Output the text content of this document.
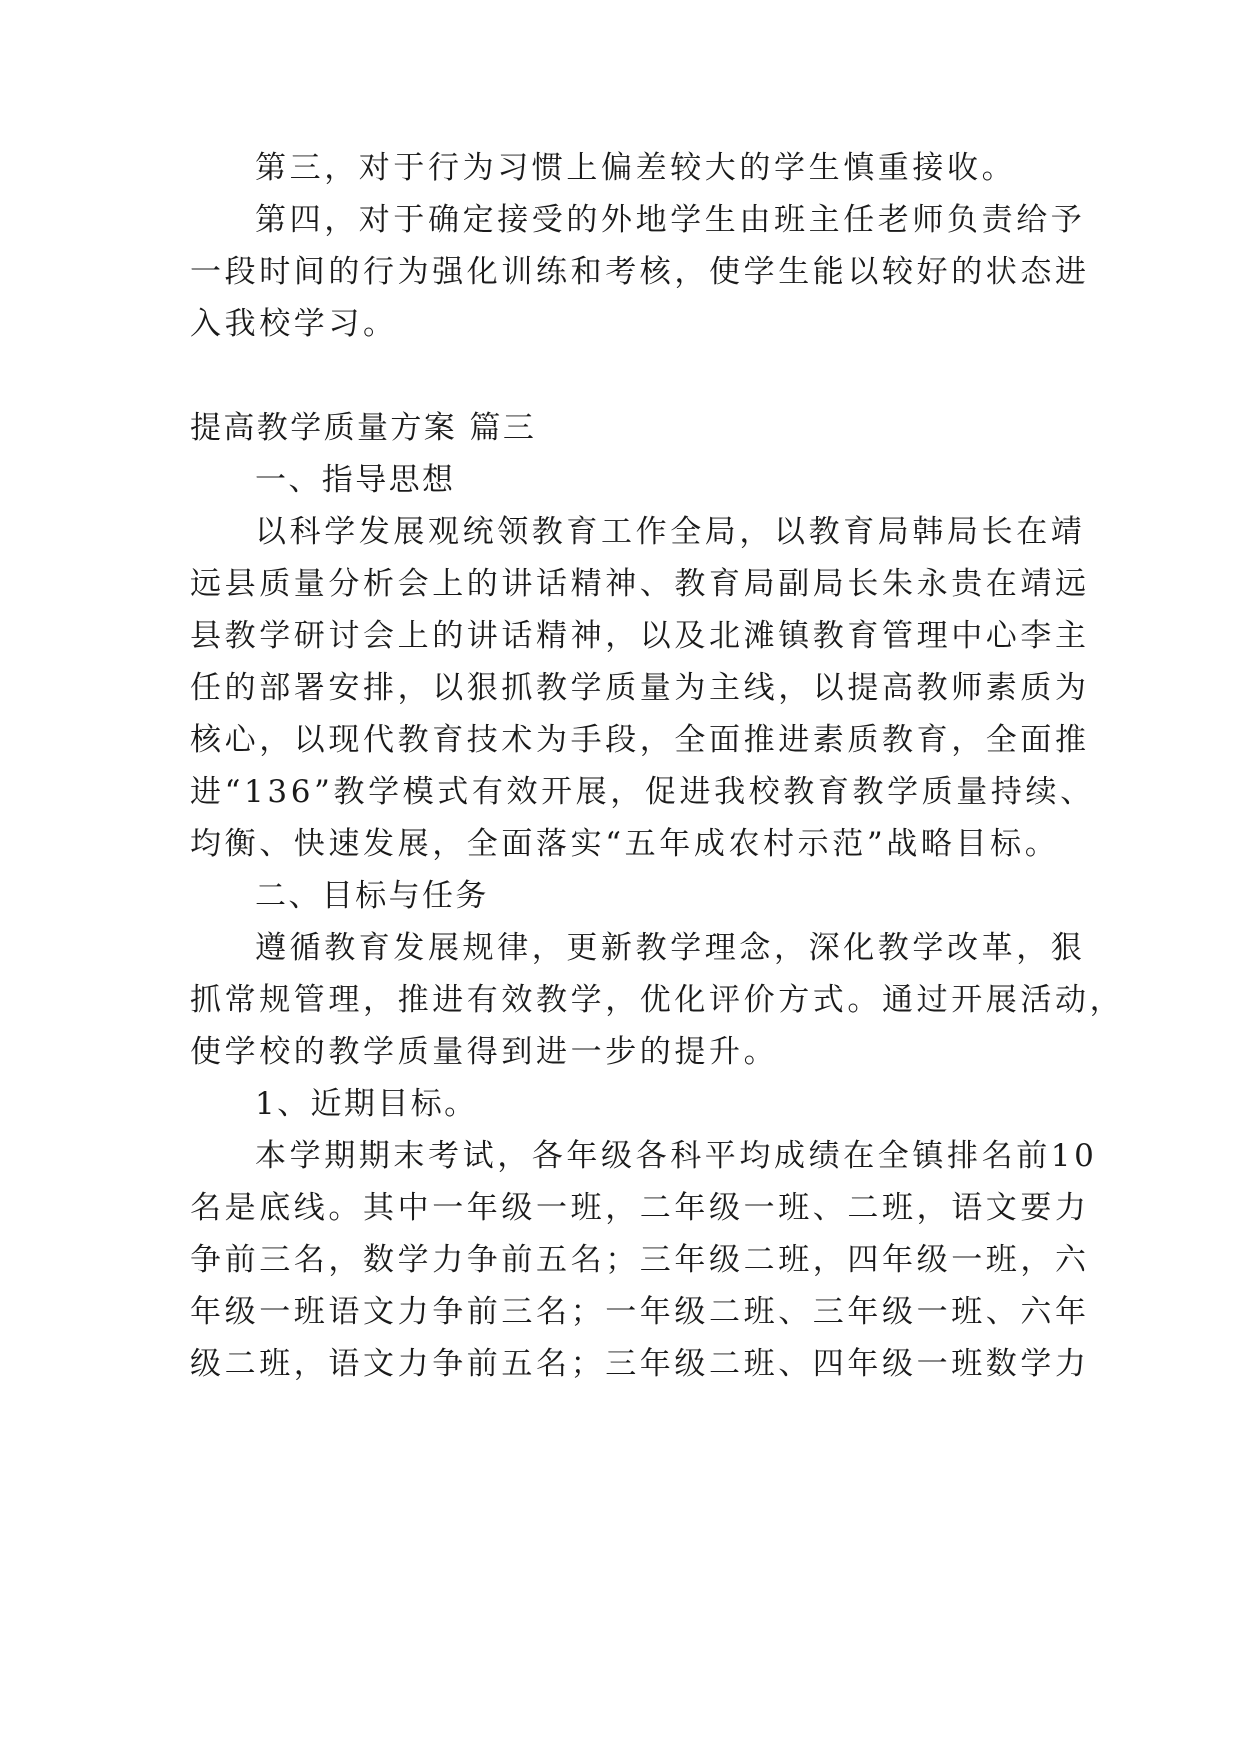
第三，对于行为习惯上偏差较大的学生慎重接收。

第四，对于确定接受的外地学生由班主任老师负责给予

一段时间的行为强化训练和考核，使学生能以较好的状态进

入我校学习。

提高教学质量方案 篇三

一、指导思想

以科学发展观统领教育工作全局，以教育局韩局长在靖

远县质量分析会上的讲话精神、教育局副局长朱永贵在靖远

县教学研讨会上的讲话精神，以及北滩镇教育管理中心李主

任的部署安排，以狠抓教学质量为主线，以提高教师素质为

核心，以现代教育技术为手段，全面推进素质教育，全面推

进“136”教学模式有效开展，促进我校教育教学质量持续、

均衡、快速发展，全面落实“五年成农村示范”战略目标。

二、目标与任务

遵循教育发展规律，更新教学理念，深化教学改革，狠

抓常规管理，推进有效教学，优化评价方式。通过开展活动，

使学校的教学质量得到进一步的提升。

1、近期目标。

本学期期末考试，各年级各科平均成绩在全镇排名前10

名是底线。其中一年级一班，二年级一班、二班，语文要力

争前三名，数学力争前五名；三年级二班，四年级一班，六

年级一班语文力争前三名；一年级二班、三年级一班、六年

级二班，语文力争前五名；三年级二班、四年级一班数学力
